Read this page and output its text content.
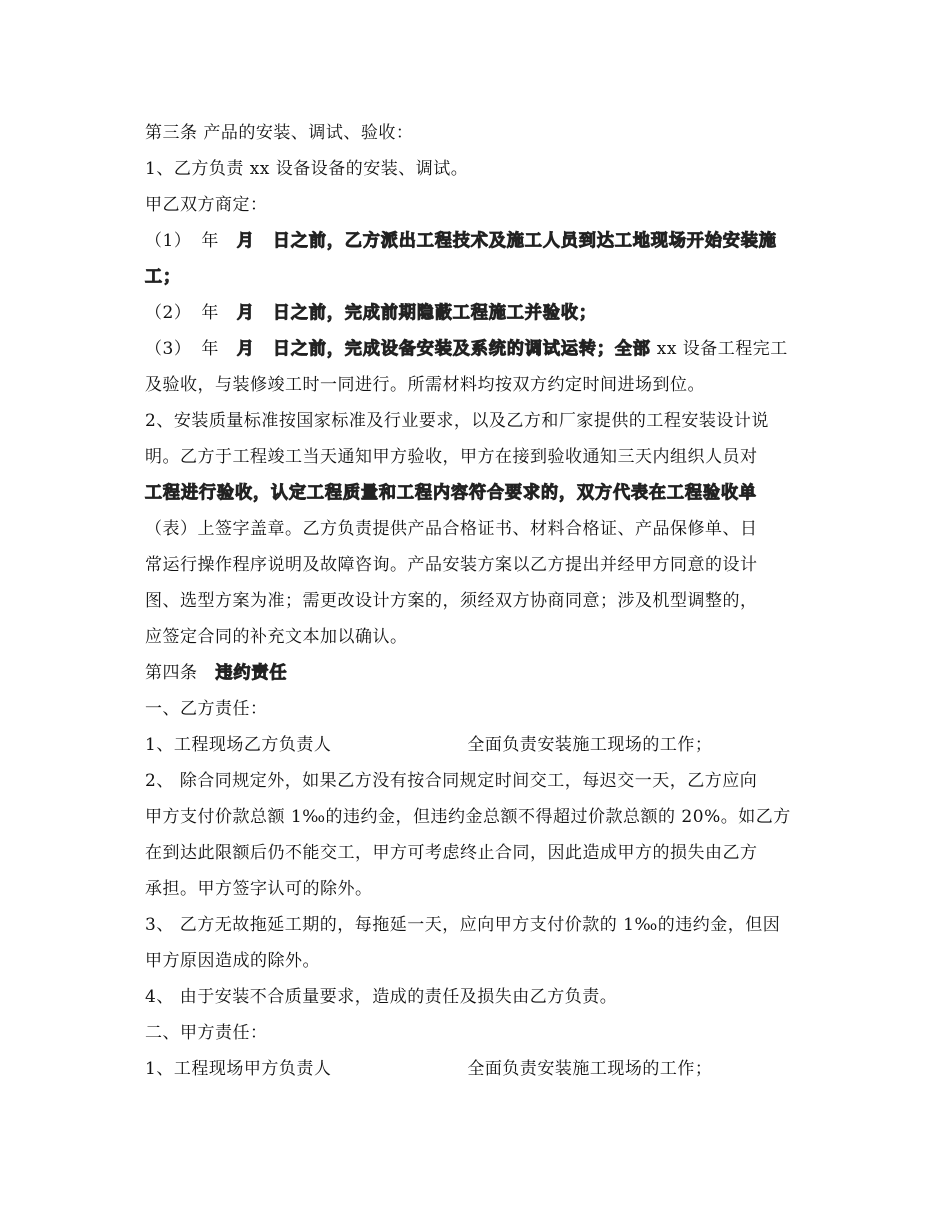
第三条 产品的安装、调试、验收：
1、乙方负责 xx 设备设备的安装、调试。
甲乙双方商定：
（1） 年 月 日之前，乙方派出工程技术及施工人员到达工地现场开始安装施
工；
（2） 年 月 日之前，完成前期隐蔽工程施工并验收；
（3） 年 月 日之前，完成设备安装及系统的调试运转；全部 xx 设备工程完工
及验收，与装修竣工时一同进行。所需材料均按双方约定时间进场到位。
2、安装质量标准按国家标准及行业要求，以及乙方和厂家提供的工程安装设计说
明。乙方于工程竣工当天通知甲方验收，甲方在接到验收通知三天内组织人员对
工程进行验收，认定工程质量和工程内容符合要求的，双方代表在工程验收单
（表）上签字盖章。乙方负责提供产品合格证书、材料合格证、产品保修单、日
常运行操作程序说明及故障咨询。产品安装方案以乙方提出并经甲方同意的设计
图、选型方案为准；需更改设计方案的，须经双方协商同意；涉及机型调整的，
应签定合同的补充文本加以确认。
第四条 违约责任
一、乙方责任：
1、工程现场乙方负责人	全面负责安装施工现场的工作；
2、 除合同规定外，如果乙方没有按合同规定时间交工，每迟交一天，乙方应向
甲方支付价款总额 1‰的违约金，但违约金总额不得超过价款总额的 20%。如乙方
在到达此限额后仍不能交工，甲方可考虑终止合同，因此造成甲方的损失由乙方
承担。甲方签字认可的除外。
3、 乙方无故拖延工期的，每拖延一天，应向甲方支付价款的 1‰的违约金，但因
甲方原因造成的除外。
4、 由于安装不合质量要求，造成的责任及损失由乙方负责。
二、甲方责任：
1、工程现场甲方负责人	全面负责安装施工现场的工作；
